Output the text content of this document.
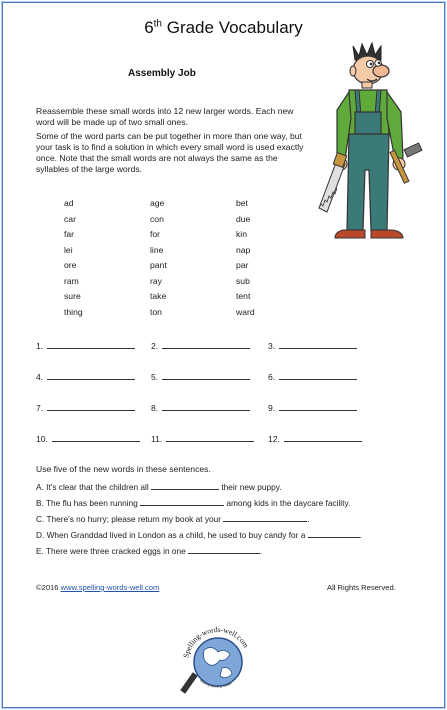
6th Grade Vocabulary
Assembly Job

Reassemble these small words into 12 new larger words. Each new word will be made up of two small ones.

Some of the word parts can be put together in more than one way, but your task is to find a solution in which every small word is used exactly once. Note that the small words are not always the same as the syllables of the large words.

ad	age	bet
car	con	due
far	for	kin
lei	line	nap
ore	pant	par
ram	ray	sub
sure	take	tent
thing	ton	ward
1.	2.	3.
4.	5.	6.
7.	8.	9.
10.	11.	12.
Use five of the new words in these sentences.
A. It's clear that the children all	their new puppy.
B. The flu has been running	among kids in the daycare facility.
C. There's no hurry; please return my book at your	.
D. When Granddad lived in London as a child, he used to buy candy for a	.
E. There were three cracked eggs in one	.
©2016 www.spelling-words-well.com	All Rights Reserved.
Spelling-words-well.com
Making spelling easier
